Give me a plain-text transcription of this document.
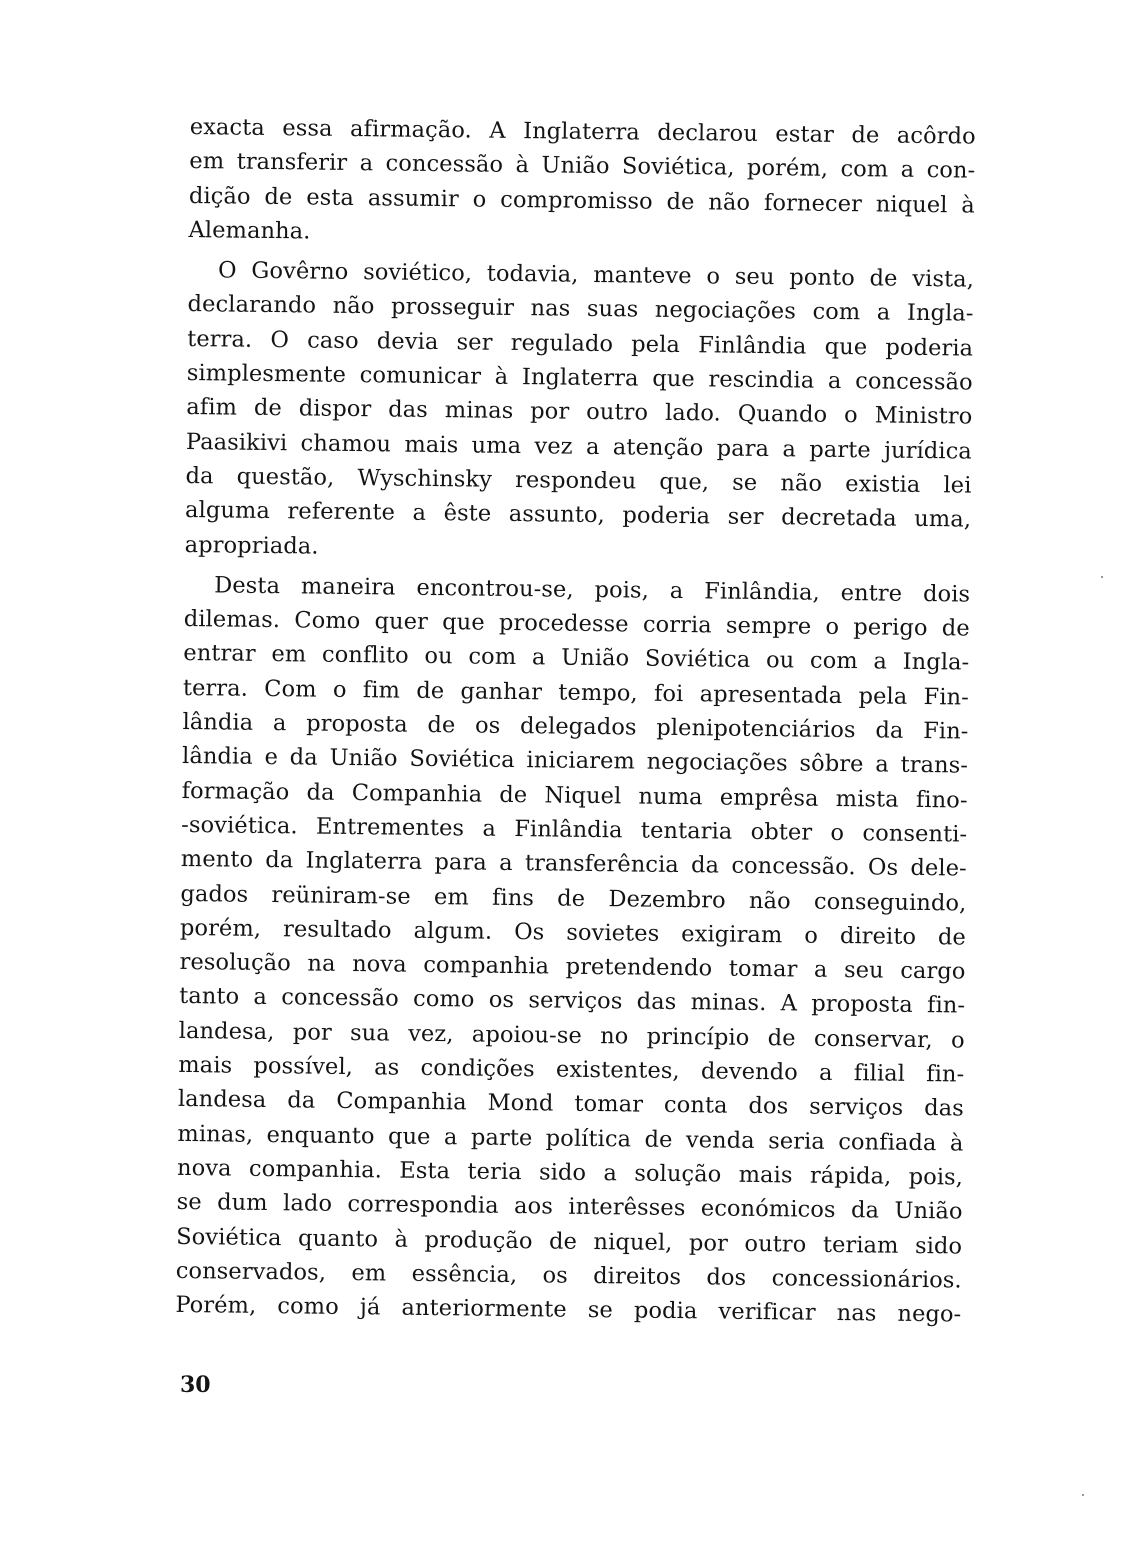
exacta essa afirmação. A Inglaterra declarou estar de acôrdo
em transferir a concessão à União Soviética, porém, com a con-
dição de esta assumir o compromisso de não fornecer niquel à
Alemanha.

O Govêrno soviético, todavia, manteve o seu ponto de vista,
declarando não prosseguir nas suas negociações com a Ingla-
terra. O caso devia ser regulado pela Finlândia que poderia
simplesmente comunicar à Inglaterra que rescindia a concessão
afim de dispor das minas por outro lado. Quando o Ministro
Paasikivi chamou mais uma vez a atenção para a parte jurídica
da questão, Wyschinsky respondeu que, se não existia lei
alguma referente a êste assunto, poderia ser decretada uma,
apropriada.

Desta maneira encontrou-se, pois, a Finlândia, entre dois
dilemas. Como quer que procedesse corria sempre o perigo de
entrar em conflito ou com a União Soviética ou com a Ingla-
terra. Com o fim de ganhar tempo, foi apresentada pela Fin-
lândia a proposta de os delegados plenipotenciários da Fin-
lândia e da União Soviética iniciarem negociações sôbre a trans-
formação da Companhia de Niquel numa emprêsa mista fino-
-soviética. Entrementes a Finlândia tentaria obter o consenti-
mento da Inglaterra para a transferência da concessão. Os dele-
gados reüniram-se em fins de Dezembro não conseguindo,
porém, resultado algum. Os sovietes exigiram o direito de
resolução na nova companhia pretendendo tomar a seu cargo
tanto a concessão como os serviços das minas. A proposta fin-
landesa, por sua vez, apoiou-se no princípio de conservar, o
mais possível, as condições existentes, devendo a filial fin-
landesa da Companhia Mond tomar conta dos serviços das
minas, enquanto que a parte política de venda seria confiada à
nova companhia. Esta teria sido a solução mais rápida, pois,
se dum lado correspondia aos interêsses económicos da União
Soviética quanto à produção de niquel, por outro teriam sido
conservados, em essência, os direitos dos concessionários.
Porém, como já anteriormente se podia verificar nas nego-

30
